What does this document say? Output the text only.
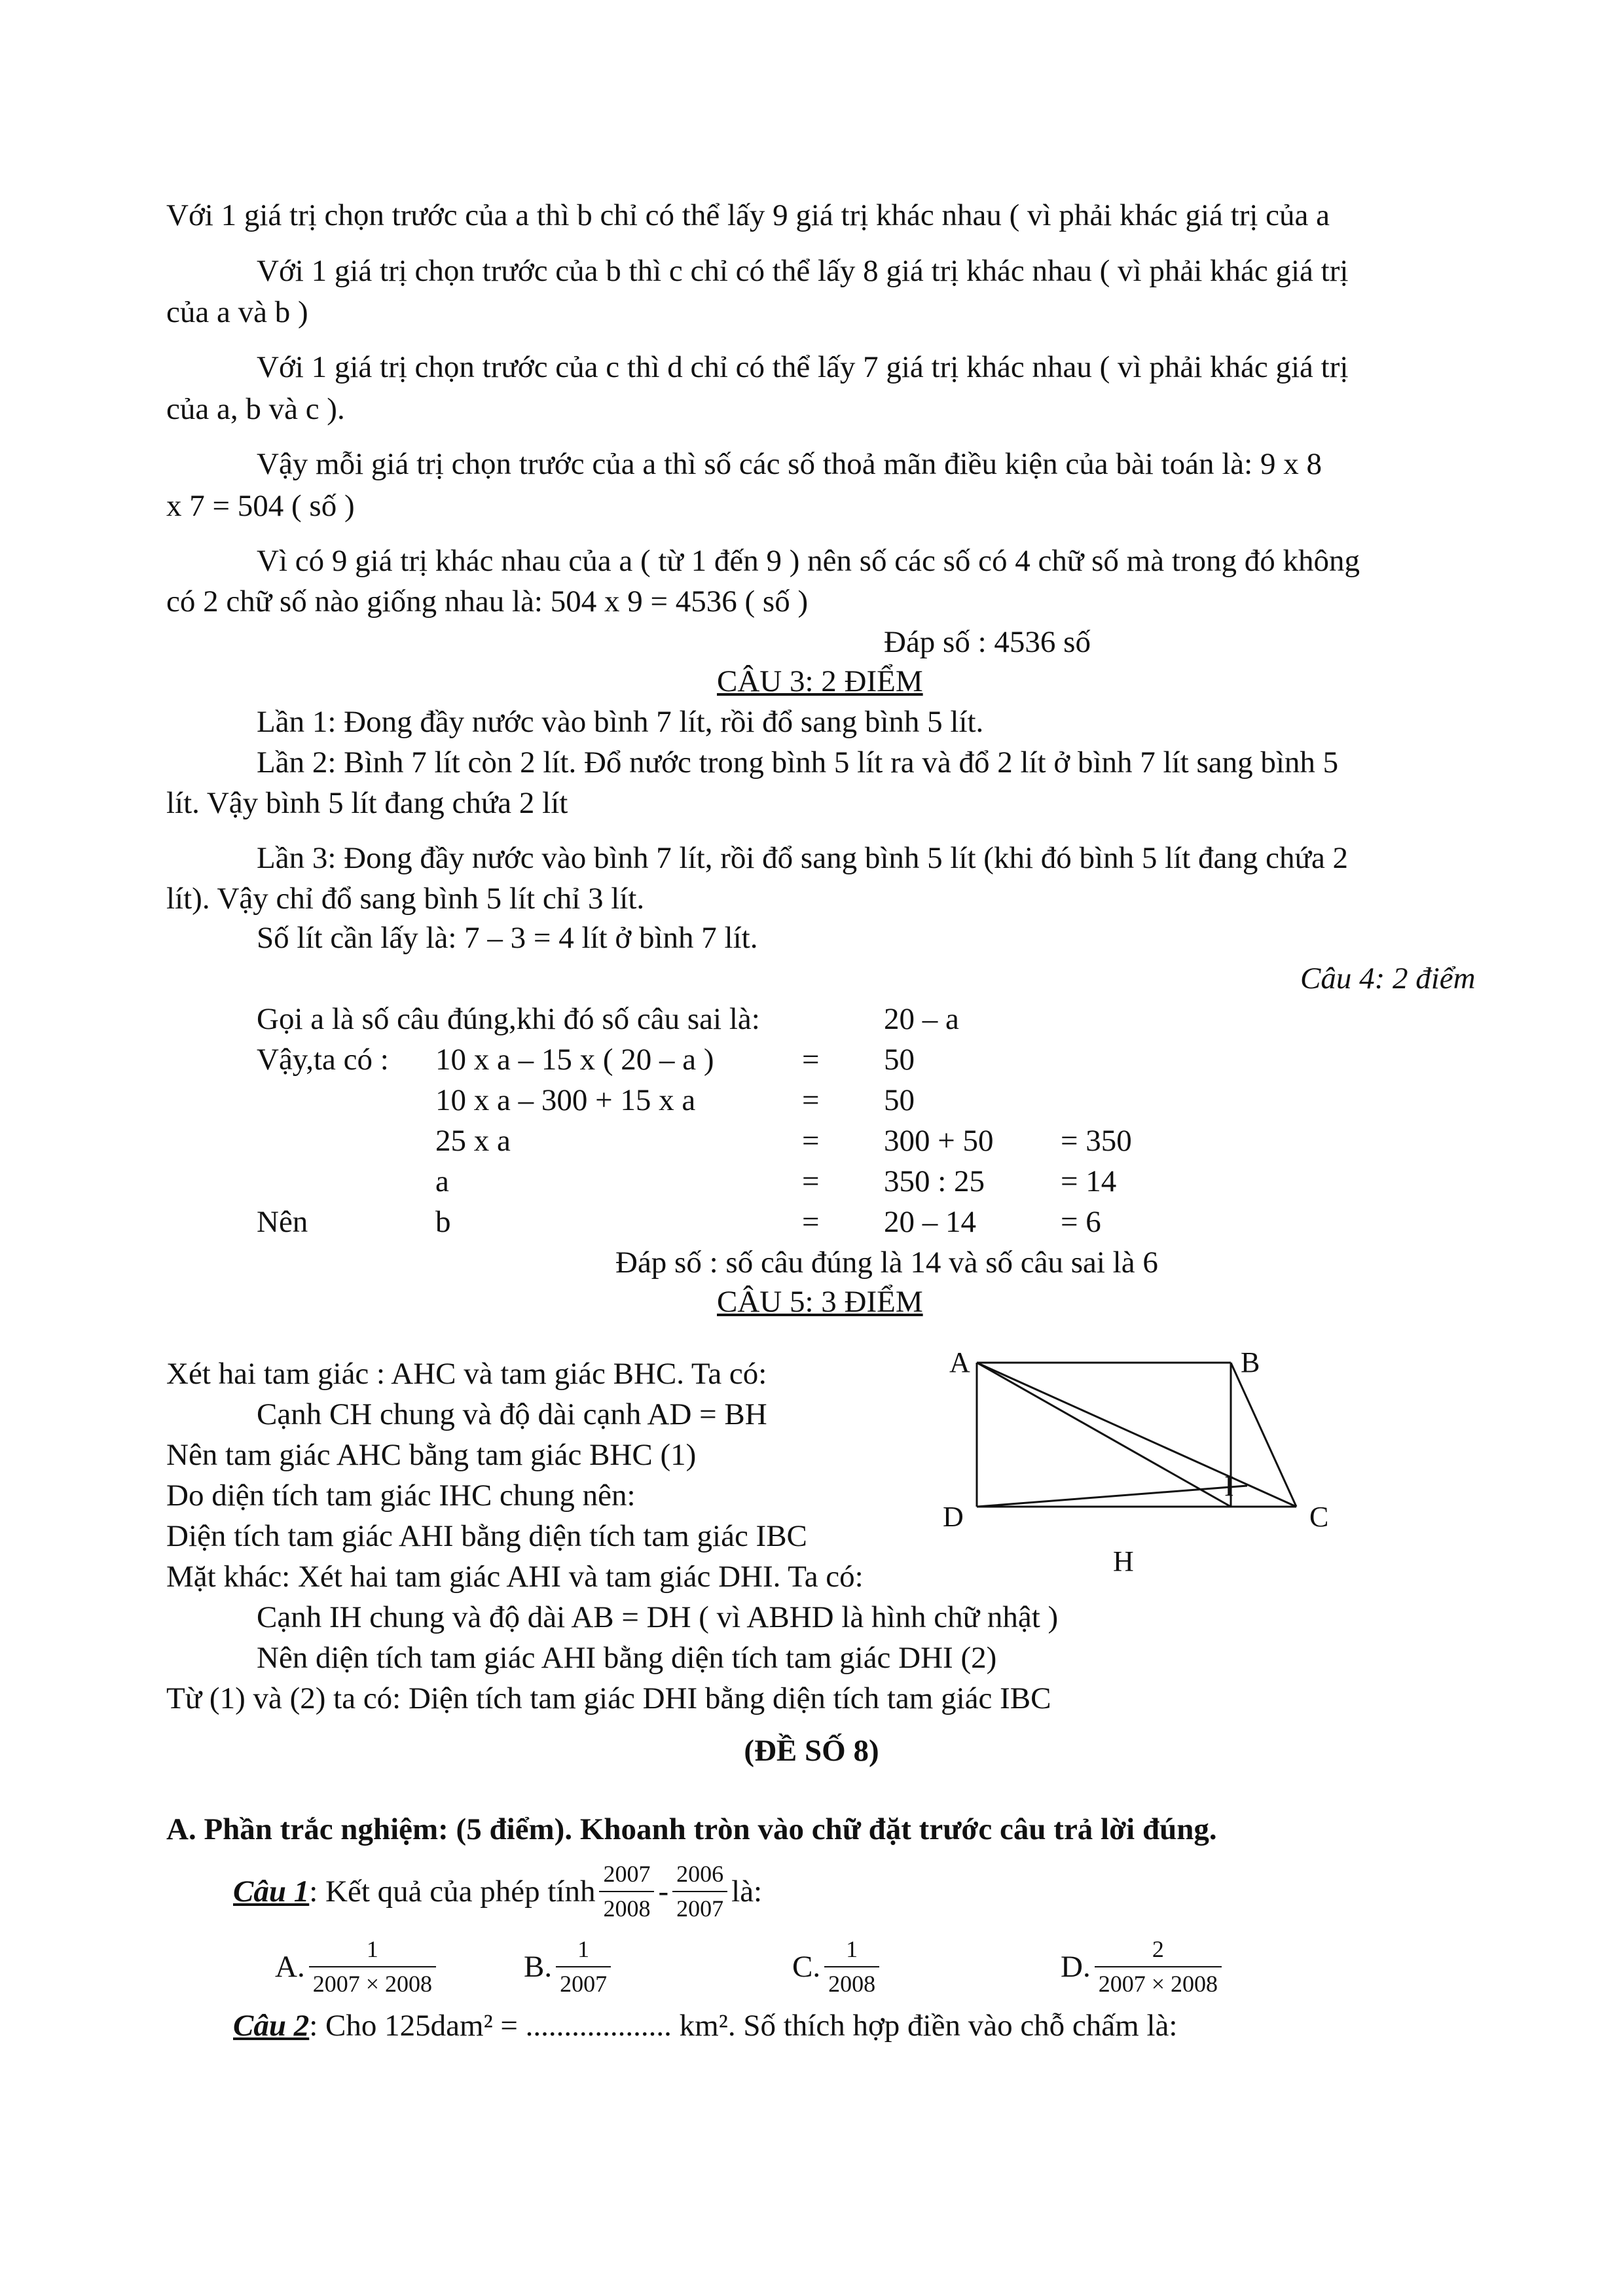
Với 1 giá trị chọn trước của a thì b chỉ có thể lấy 9 giá trị khác nhau ( vì phải khác giá trị của a
Với 1 giá trị chọn trước của b thì c chỉ có thể lấy 8 giá trị khác nhau ( vì phải khác giá trị
của a và b )
Với 1 giá trị chọn trước của c thì d chỉ có thể lấy 7 giá trị khác nhau ( vì phải khác giá trị
của a, b và c ).
Vậy mỗi giá trị chọn trước của a thì số các số thoả mãn điều kiện của bài toán là: 9 x 8
x 7 = 504 ( số )
Vì có 9 giá trị khác nhau của a ( từ 1 đến 9 ) nên số các số có 4 chữ số mà trong đó không
có 2 chữ số nào giống nhau là: 504 x 9 = 4536 ( số )
Đáp số : 4536 số
CÂU 3: 2 ĐIỂM
Lần 1: Đong đầy nước vào bình 7 lít, rồi đổ sang bình 5 lít.
Lần 2: Bình 7 lít còn 2 lít. Đổ nước trong bình 5 lít ra và đổ 2 lít ở bình 7 lít sang bình 5
lít. Vậy bình 5 lít đang chứa 2 lít
Lần 3: Đong đầy nước vào bình 7 lít, rồi đổ sang bình 5 lít (khi đó bình 5 lít đang chứa 2
lít). Vậy chỉ đổ sang bình 5 lít chỉ 3 lít.
Số lít cần lấy là: 7 – 3 = 4 lít ở bình 7 lít.
Câu 4: 2 điểm
Gọi a là số câu đúng,khi đó số câu sai là:	20 – a
Vậy,ta có : 10 x a – 15 x ( 20 – a )	= 50
10 x a – 300 + 15 x a	= 50
25 x a	= 300 + 50 = 350
a	= 350 : 25 = 14
Nên	b	= 20 – 14	= 6
Đáp số : số câu đúng là 14 và số câu sai là 6
CÂU 5: 3 ĐIỂM
Xét hai tam giác : AHC và tam giác BHC. Ta có:
Cạnh CH chung và độ dài cạnh AD = BH
Nên tam giác AHC bằng tam giác BHC (1)
Do diện tích tam giác IHC chung nên:
Diện tích tam giác AHI bằng diện tích tam giác IBC
Mặt khác: Xét hai tam giác AHI và tam giác DHI. Ta có:
Cạnh IH chung và độ dài AB = DH ( vì ABHD là hình chữ nhật )
Nên diện tích tam giác AHI bằng diện tích tam giác DHI (2)
Từ (1) và (2) ta có: Diện tích tam giác DHI bằng diện tích tam giác IBC
A	B
C
D
H
I
(ĐỀ SỐ 8)
A. Phần trắc nghiệm: (5 điểm). Khoanh tròn vào chữ đặt trước câu trả lời đúng.
Câu 1 : Kết quả của phép tính $\frac{2007}{2008} - \frac{2006}{2007}$ là:
A. $\frac{1}{2007 \times 2008}$	B. $\frac{1}{2007}$	C. $\frac{1}{2008}$	D. $\frac{2}{2007 \times 2008}$
Câu 2: Cho 125dam² = ................... km². Số thích hợp điền vào chỗ chấm là:
